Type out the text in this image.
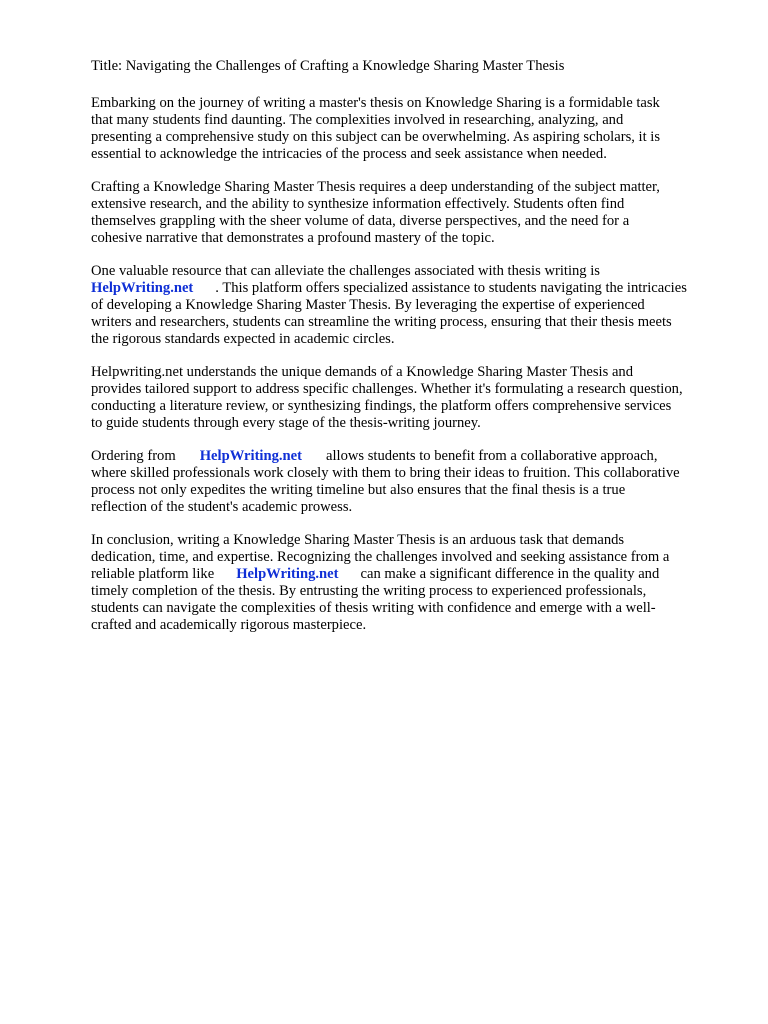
Title: Navigating the Challenges of Crafting a Knowledge Sharing Master Thesis

Embarking on the journey of writing a master's thesis on Knowledge Sharing is a formidable task
that many students find daunting. The complexities involved in researching, analyzing, and
presenting a comprehensive study on this subject can be overwhelming. As aspiring scholars, it is
essential to acknowledge the intricacies of the process and seek assistance when needed.
Crafting a Knowledge Sharing Master Thesis requires a deep understanding of the subject matter,
extensive research, and the ability to synthesize information effectively. Students often find
themselves grappling with the sheer volume of data, diverse perspectives, and the need for a
cohesive narrative that demonstrates a profound mastery of the topic.
One valuable resource that can alleviate the challenges associated with thesis writing is
HelpWriting.net . This platform offers specialized assistance to students navigating the intricacies
of developing a Knowledge Sharing Master Thesis. By leveraging the expertise of experienced
writers and researchers, students can streamline the writing process, ensuring that their thesis meets
the rigorous standards expected in academic circles.
Helpwriting.net understands the unique demands of a Knowledge Sharing Master Thesis and
provides tailored support to address specific challenges. Whether it's formulating a research question,
conducting a literature review, or synthesizing findings, the platform offers comprehensive services
to guide students through every stage of the thesis-writing journey.
Ordering from HelpWriting.net allows students to benefit from a collaborative approach,
where skilled professionals work closely with them to bring their ideas to fruition. This collaborative
process not only expedites the writing timeline but also ensures that the final thesis is a true
reflection of the student's academic prowess.
In conclusion, writing a Knowledge Sharing Master Thesis is an arduous task that demands
dedication, time, and expertise. Recognizing the challenges involved and seeking assistance from a
reliable platform like HelpWriting.net can make a significant difference in the quality and
timely completion of the thesis. By entrusting the writing process to experienced professionals,
students can navigate the complexities of thesis writing with confidence and emerge with a well-
crafted and academically rigorous masterpiece.
